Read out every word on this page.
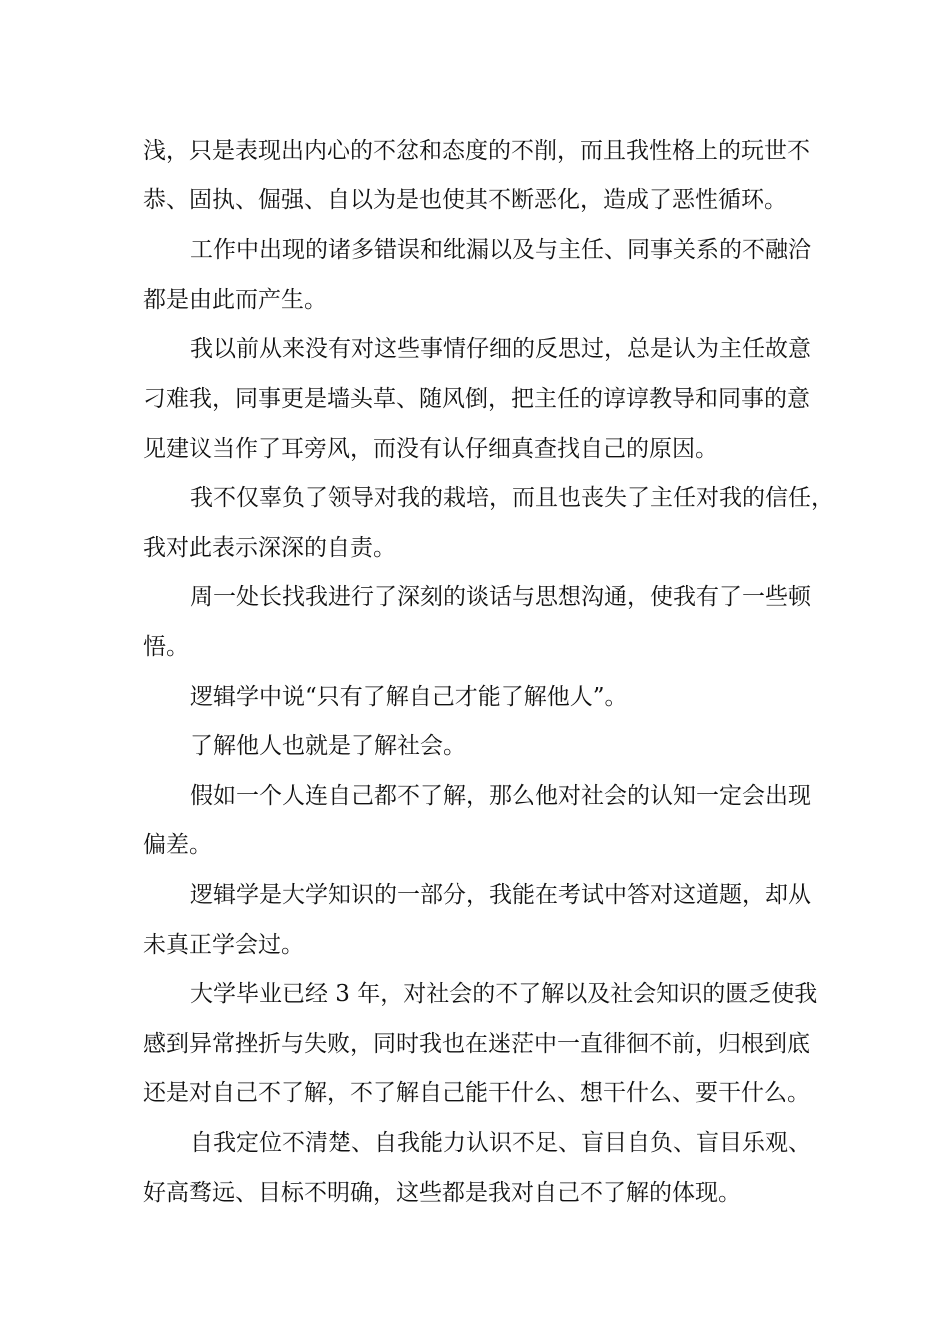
浅，只是表现出内心的不忿和态度的不削，而且我性格上的玩世不
恭、固执、倔强、自以为是也使其不断恶化，造成了恶性循环。
工作中出现的诸多错误和纰漏以及与主任、同事关系的不融洽
都是由此而产生。
我以前从来没有对这些事情仔细的反思过，总是认为主任故意
刁难我，同事更是墙头草、随风倒，把主任的谆谆教导和同事的意
见建议当作了耳旁风，而没有认仔细真查找自己的原因。
我不仅辜负了领导对我的栽培，而且也丧失了主任对我的信任，
我对此表示深深的自责。
周一处长找我进行了深刻的谈话与思想沟通，使我有了一些顿
悟。
逻辑学中说“只有了解自己才能了解他人”。
了解他人也就是了解社会。
假如一个人连自己都不了解，那么他对社会的认知一定会出现
偏差。
逻辑学是大学知识的一部分，我能在考试中答对这道题，却从
未真正学会过。
大学毕业已经 3 年，对社会的不了解以及社会知识的匮乏使我
感到异常挫折与失败，同时我也在迷茫中一直徘徊不前，归根到底
还是对自己不了解，不了解自己能干什么、想干什么、要干什么。
自我定位不清楚、自我能力认识不足、盲目自负、盲目乐观、
好高骛远、目标不明确，这些都是我对自己不了解的体现。
